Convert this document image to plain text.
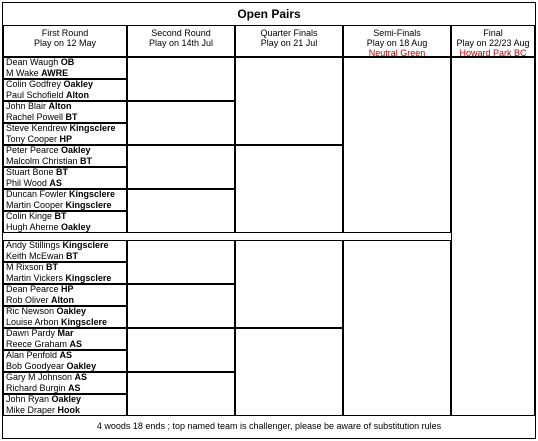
Open Pairs
First Round
Play on 12 May
Second Round
Play on 14th Jul
Quarter Finals
Play on 21 Jul
Semi-Finals
Play on 18 Aug
Neutral Green
Final
Play on 22/23 Aug
Howard Park BC
Dean Waugh OB
M Wake AWRE
Colin Godfrey Oakley
Paul Schofield Alton
John Blair Alton
Rachel Powell BT
Steve Kendrew Kingsclere
Tony Cooper HP
Peter Pearce Oakley
Malcolm Christian BT
Stuart Bone BT
Phil Wood AS
Duncan Fowler Kingsclere
Martin Cooper Kingsclere
Colin Kinge BT
Hugh Aherne Oakley
Andy Stillings Kingsclere
Keith McEwan BT
M Rixson BT
Martin Vickers Kingsclere
Dean Pearce HP
Rob Oliver Alton
Ric Newson Oakley
Louise Arbon Kingsclere
Dawn Pardy Mar
Reece Graham AS
Alan Penfold AS
Bob Goodyear Oakley
Gary M Johnson AS
Richard Burgin AS
John Ryan Oakley
Mike Draper Hook
4 woods 18 ends ; top named team is challenger, please be aware of substitution rules
